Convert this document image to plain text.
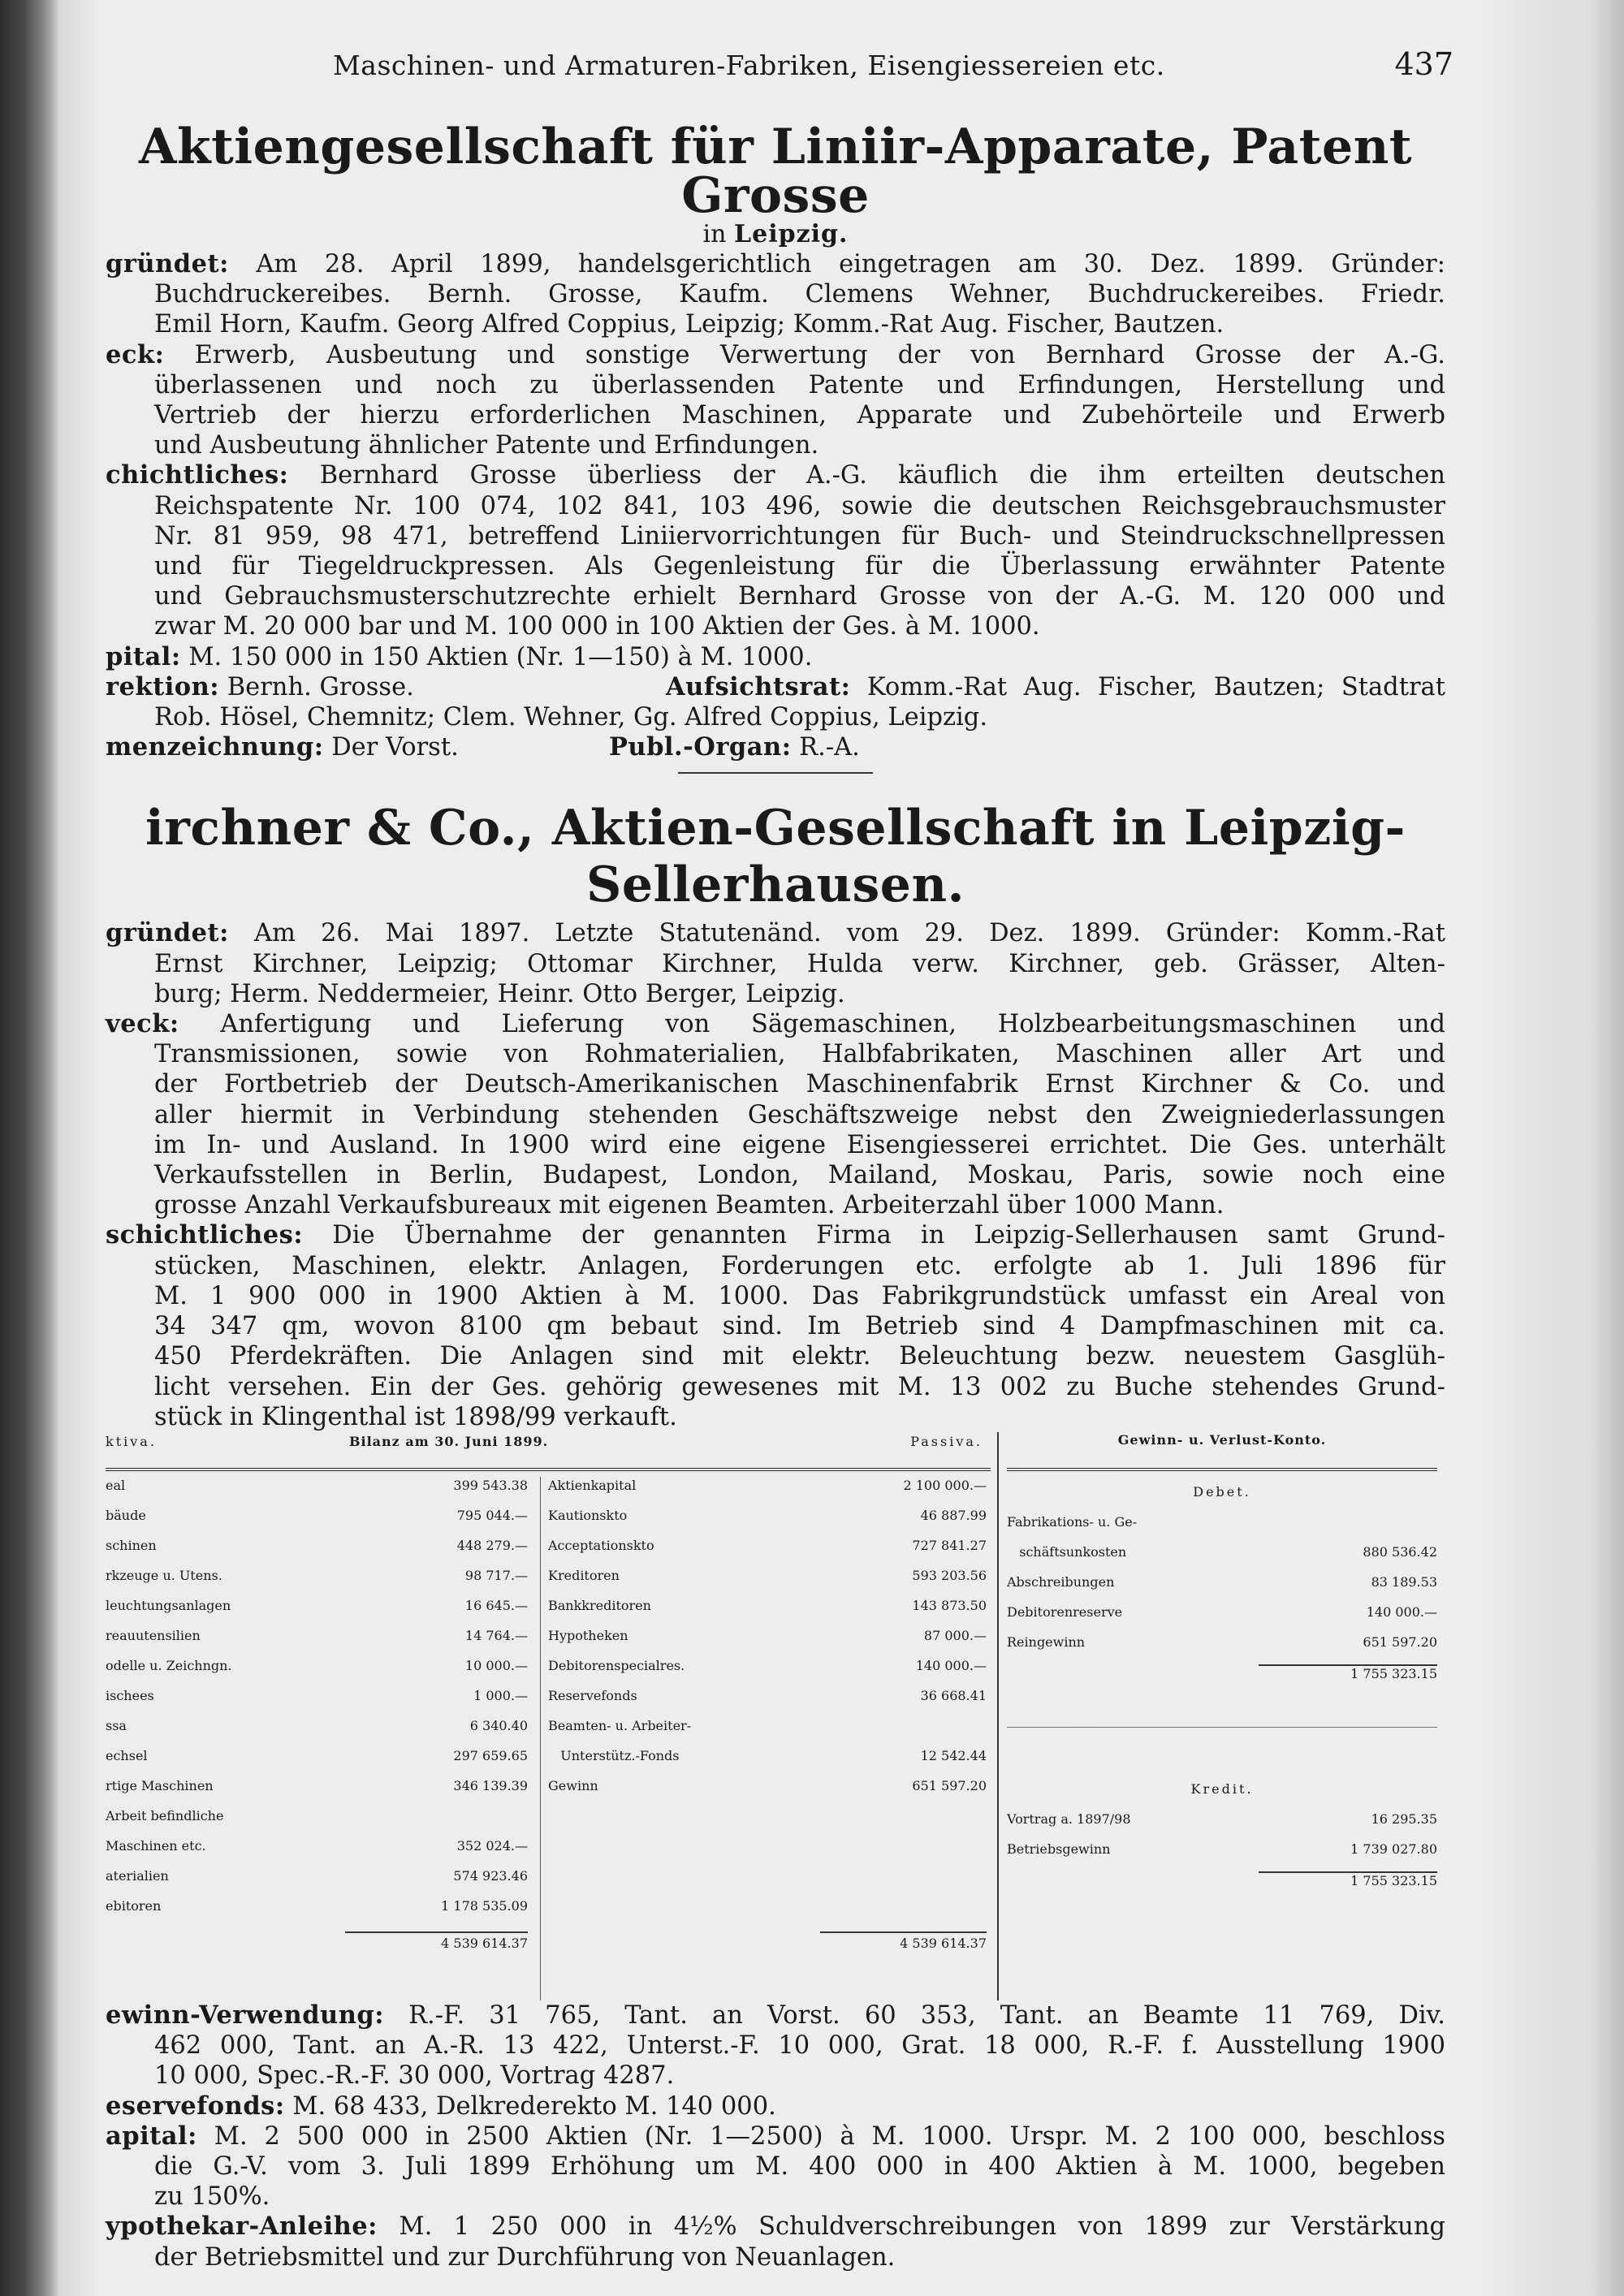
Maschinen- und Armaturen-Fabriken, Eisengiessereien etc.	437
Aktiengesellschaft für Liniir-Apparate, Patent Grosse
in Leipzig.
gründet: Am 28. April 1899, handelsgerichtlich eingetragen am 30. Dez. 1899. Gründer:
Buchdruckereibes. Bernh. Grosse, Kaufm. Clemens Wehner, Buchdruckereibes. Friedr.
Emil Horn, Kaufm. Georg Alfred Coppius, Leipzig; Komm.-Rat Aug. Fischer, Bautzen.
eck: Erwerb, Ausbeutung und sonstige Verwertung der von Bernhard Grosse der A.-G.
überlassenen und noch zu überlassenden Patente und Erfindungen, Herstellung und
Vertrieb der hierzu erforderlichen Maschinen, Apparate und Zubehörteile und Erwerb
und Ausbeutung ähnlicher Patente und Erfindungen.
chichtliches: Bernhard Grosse überliess der A.-G. käuflich die ihm erteilten deutschen
Reichspatente Nr. 100 074, 102 841, 103 496, sowie die deutschen Reichsgebrauchsmuster
Nr. 81 959, 98 471, betreffend Liniiervorrichtungen für Buch- und Steindruckschnellpressen
und für Tiegeldruckpressen. Als Gegenleistung für die Überlassung erwähnter Patente
und Gebrauchsmusterschutzrechte erhielt Bernhard Grosse von der A.-G. M. 120 000 und
zwar M. 20 000 bar und M. 100 000 in 100 Aktien der Ges. à M. 1000.
pital: M. 150 000 in 150 Aktien (Nr. 1—150) à M. 1000.
rektion: Bernh. Grosse.	Aufsichtsrat: Komm.-Rat Aug. Fischer, Bautzen; Stadtrat
Rob. Hösel, Chemnitz; Clem. Wehner, Gg. Alfred Coppius, Leipzig.
menzeichnung: Der Vorst.	Publ.-Organ: R.-A.
irchner & Co., Aktien-Gesellschaft in Leipzig-Sellerhausen.
gründet: Am 26. Mai 1897. Letzte Statutenänd. vom 29. Dez. 1899. Gründer: Komm.-Rat
Ernst Kirchner, Leipzig; Ottomar Kirchner, Hulda verw. Kirchner, geb. Grässer, Alten-
burg; Herm. Neddermeier, Heinr. Otto Berger, Leipzig.
veck: Anfertigung und Lieferung von Sägemaschinen, Holzbearbeitungsmaschinen und
Transmissionen, sowie von Rohmaterialien, Halbfabrikaten, Maschinen aller Art und
der Fortbetrieb der Deutsch-Amerikanischen Maschinenfabrik Ernst Kirchner & Co. und
aller hiermit in Verbindung stehenden Geschäftszweige nebst den Zweigniederlassungen
im In- und Ausland. In 1900 wird eine eigene Eisengiesserei errichtet. Die Ges. unterhält
Verkaufsstellen in Berlin, Budapest, London, Mailand, Moskau, Paris, sowie noch eine
grosse Anzahl Verkaufsbureaux mit eigenen Beamten. Arbeiterzahl über 1000 Mann.
schichtliches: Die Übernahme der genannten Firma in Leipzig-Sellerhausen samt Grund-
stücken, Maschinen, elektr. Anlagen, Forderungen etc. erfolgte ab 1. Juli 1896 für
M. 1 900 000 in 1900 Aktien à M. 1000. Das Fabrikgrundstück umfasst ein Areal von
34 347 qm, wovon 8100 qm bebaut sind. Im Betrieb sind 4 Dampfmaschinen mit ca.
450 Pferdekräften. Die Anlagen sind mit elektr. Beleuchtung bezw. neuestem Gasglüh-
licht versehen. Ein der Ges. gehörig gewesenes mit M. 13 002 zu Buche stehendes Grund-
stück in Klingenthal ist 1898/99 verkauft.
ktiva.	Bilanz am 30. Juni 1899.	Passiva.	Gewinn- u. Verlust-Konto.
eal	399 543.38
bäude	795 044.—
schinen	448 279.—
rkzeuge u. Utens.	98 717.—
leuchtungsanlagen	16 645.—
reauutensilien	14 764.—
odelle u. Zeichngn.	10 000.—
ischees	1 000.—
ssa	6 340.40
echsel	297 659.65
rtige Maschinen	346 139.39
Arbeit befindliche
Maschinen etc.	352 024.—
aterialien	574 923.46
ebitoren	1 178 535.09
4 539 614.37
Aktienkapital	2 100 000.—
Kautionskto	46 887.99
Acceptationskto	727 841.27
Kreditoren	593 203.56
Bankkreditoren	143 873.50
Hypotheken	87 000.—
Debitorenspecialres.	140 000.—
Reservefonds	36 668.41
Beamten- u. Arbeiter-
Unterstütz.-Fonds	12 542.44
Gewinn	651 597.20
4 539 614.37
Debet.
Fabrikations- u. Ge-
schäftsunkosten	880 536.42
Abschreibungen	83 189.53
Debitorenreserve	140 000.—
Reingewinn	651 597.20
1 755 323.15
Kredit.
Vortrag a. 1897/98	16 295.35
Betriebsgewinn	1 739 027.80
1 755 323.15
ewinn-Verwendung: R.-F. 31 765, Tant. an Vorst. 60 353, Tant. an Beamte 11 769, Div.
462 000, Tant. an A.-R. 13 422, Unterst.-F. 10 000, Grat. 18 000, R.-F. f. Ausstellung 1900
10 000, Spec.-R.-F. 30 000, Vortrag 4287.
eservefonds: M. 68 433, Delkrederekto M. 140 000.
apital: M. 2 500 000 in 2500 Aktien (Nr. 1—2500) à M. 1000. Urspr. M. 2 100 000, beschloss
die G.-V. vom 3. Juli 1899 Erhöhung um M. 400 000 in 400 Aktien à M. 1000, begeben
zu 150%.
ypothekar-Anleihe: M. 1 250 000 in 4½% Schuldverschreibungen von 1899 zur Verstärkung
der Betriebsmittel und zur Durchführung von Neuanlagen.
